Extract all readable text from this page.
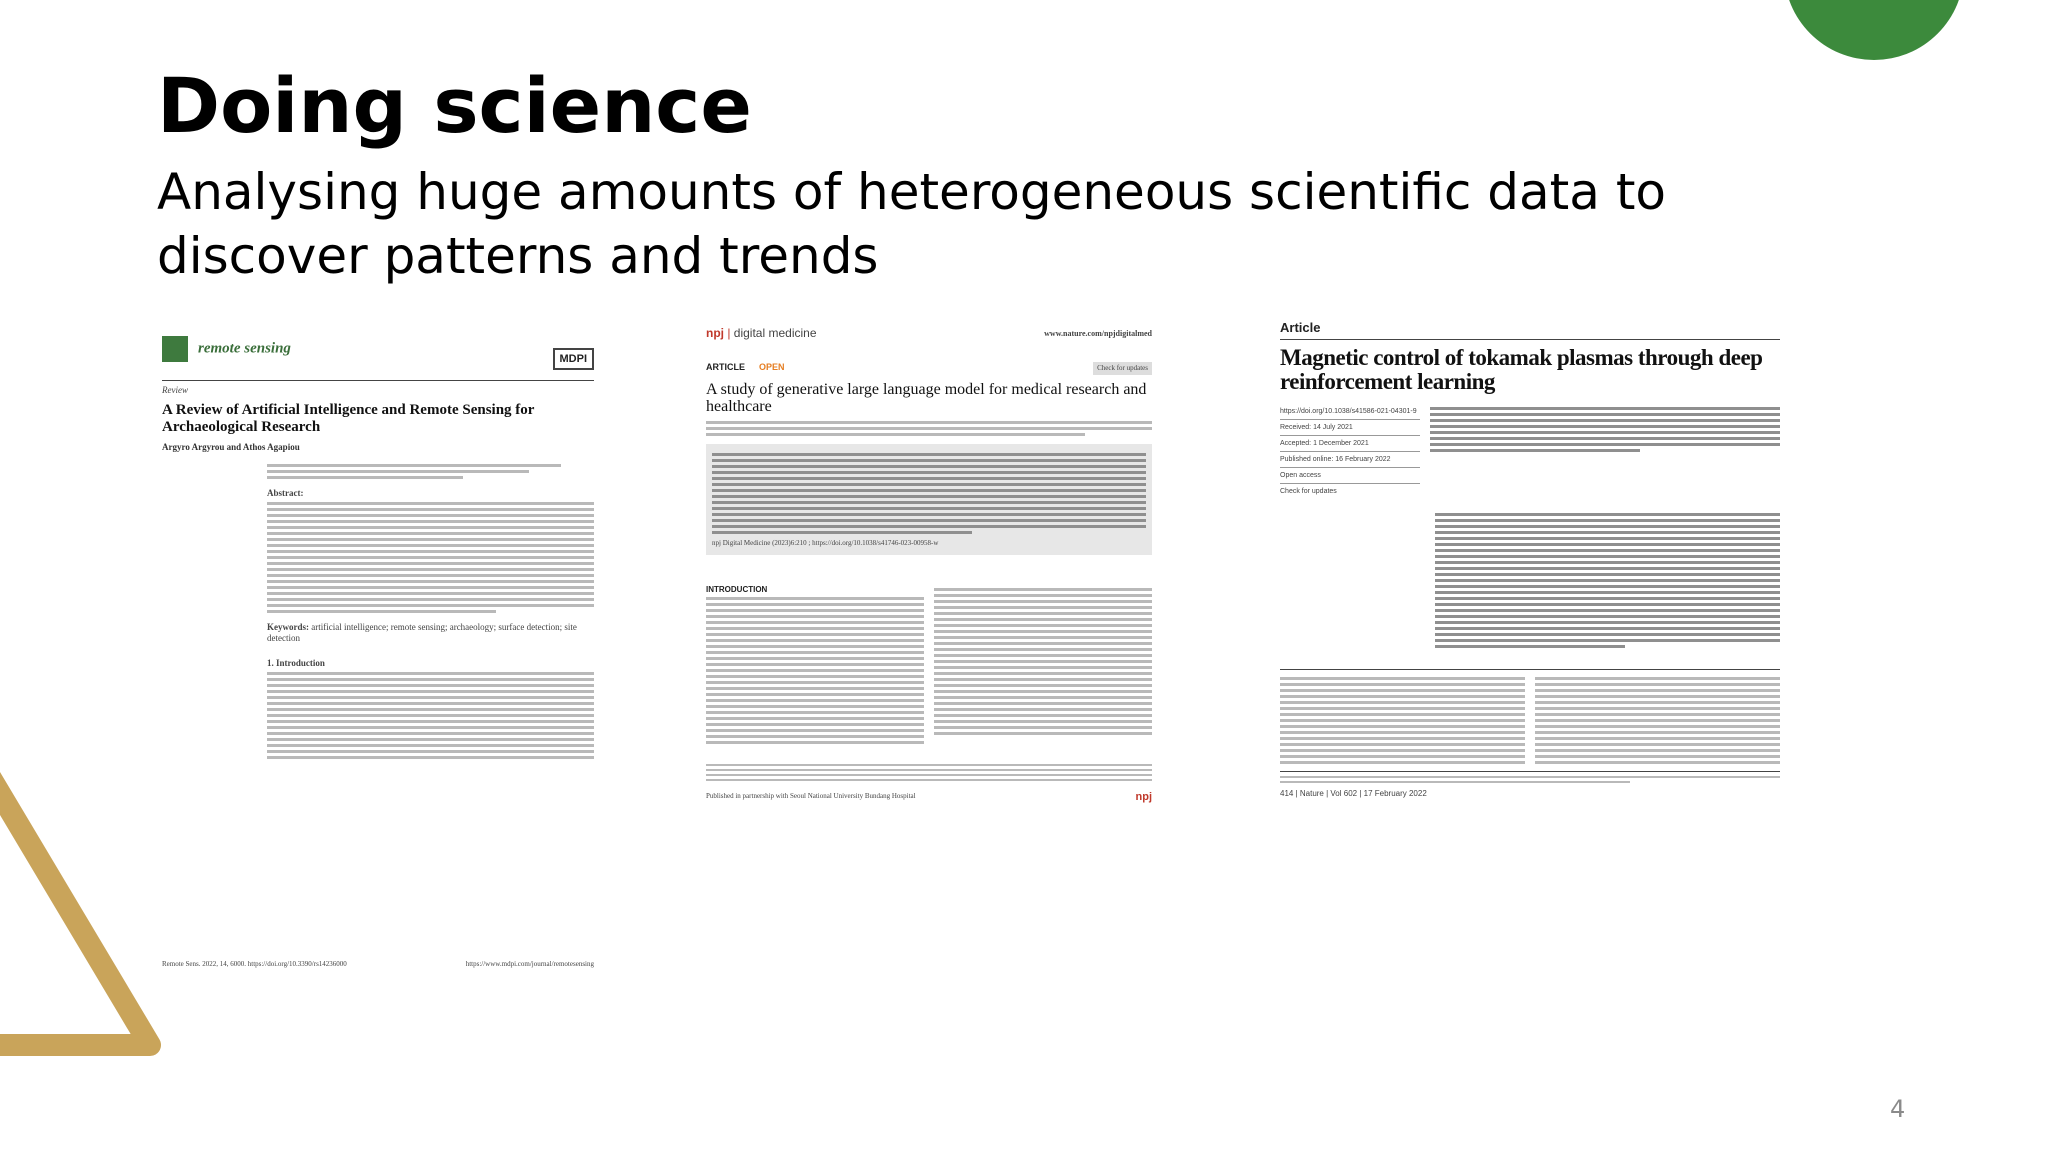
Doing science

Analysing huge amounts of heterogeneous scientific data to discover patterns and trends

remote sensing
MDPI
Review
A Review of Artificial Intelligence and Remote Sensing for Archaeological Research
Argyro Argyrou and Athos Agapiou
Abstract:
Keywords: artificial intelligence; remote sensing; archaeology; surface detection; site detection
1. Introduction
Remote Sens. 2022, 14, 6000. https://doi.org/10.3390/rs14236000	https://www.mdpi.com/journal/remotesensing
npj | digital medicine	www.nature.com/npjdigitalmed
ARTICLE OPEN	Check for updates
A study of generative large language model for medical research and healthcare
npj Digital Medicine (2023)6:210 ; https://doi.org/10.1038/s41746-023-00958-w
INTRODUCTION
Published in partnership with Seoul National University Bundang Hospital	npj
Article
Magnetic control of tokamak plasmas through deep reinforcement learning
https://doi.org/10.1038/s41586-021-04301-9
Received: 14 July 2021
Accepted: 1 December 2021
Published online: 16 February 2022
Open access
Check for updates
414 | Nature | Vol 602 | 17 February 2022
4
